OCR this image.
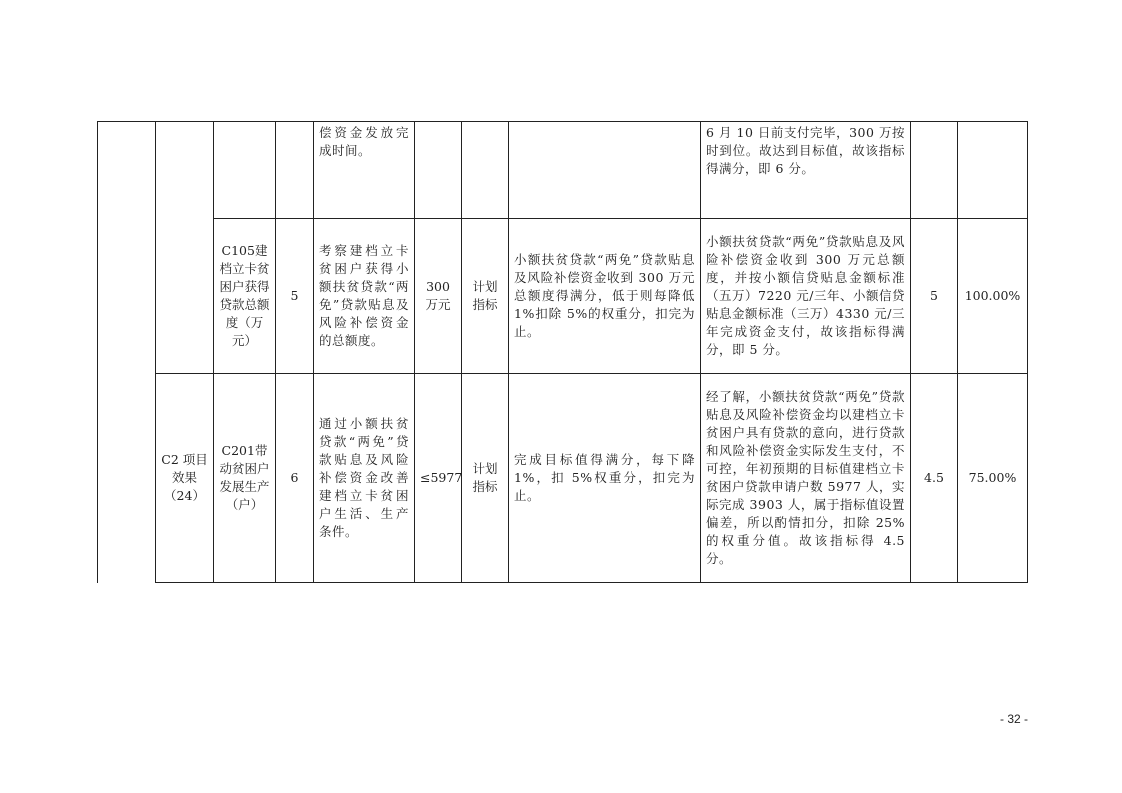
				偿资金发放完成时间。				6 月 10 日前支付完毕，300 万按时到位。故达到目标值，故该指标得满分，即 6 分。		
		C105建档立卡贫困户获得贷款总额度（万元）	5	考察建档立卡贫困户获得小额扶贫贷款“两免”贷款贴息及风险补偿资金的总额度。	300万元	计划指标	小额扶贫贷款“两免”贷款贴息及风险补偿资金收到 300 万元总额度得满分，低于则每降低 1%扣除 5%的权重分，扣完为止。	小额扶贫贷款“两免”贷款贴息及风险补偿资金收到 300 万元总额度，并按小额信贷贴息金额标准（五万）7220 元/三年、小额信贷贴息金额标准（三万）4330 元/三年完成资金支付，故该指标得满分，即 5 分。	5	100.00%
	C2 项目效果（24）	C201带动贫困户发展生产（户）	6	通过小额扶贫贷款“两免”贷款贴息及风险补偿资金改善建档立卡贫困户生活、生产条件。	≤5977	计划指标	完成目标值得满分，每下降 1%，扣 5%权重分，扣完为止。	经了解，小额扶贫贷款“两免”贷款贴息及风险补偿资金均以建档立卡贫困户具有贷款的意向，进行贷款和风险补偿资金实际发生支付，不可控，年初预期的目标值建档立卡贫困户贷款申请户数 5977 人，实际完成 3903 人，属于指标值设置偏差，所以酌情扣分，扣除 25%的权重分值。故该指标得 4.5 分。	4.5	75.00%
- 32 -
